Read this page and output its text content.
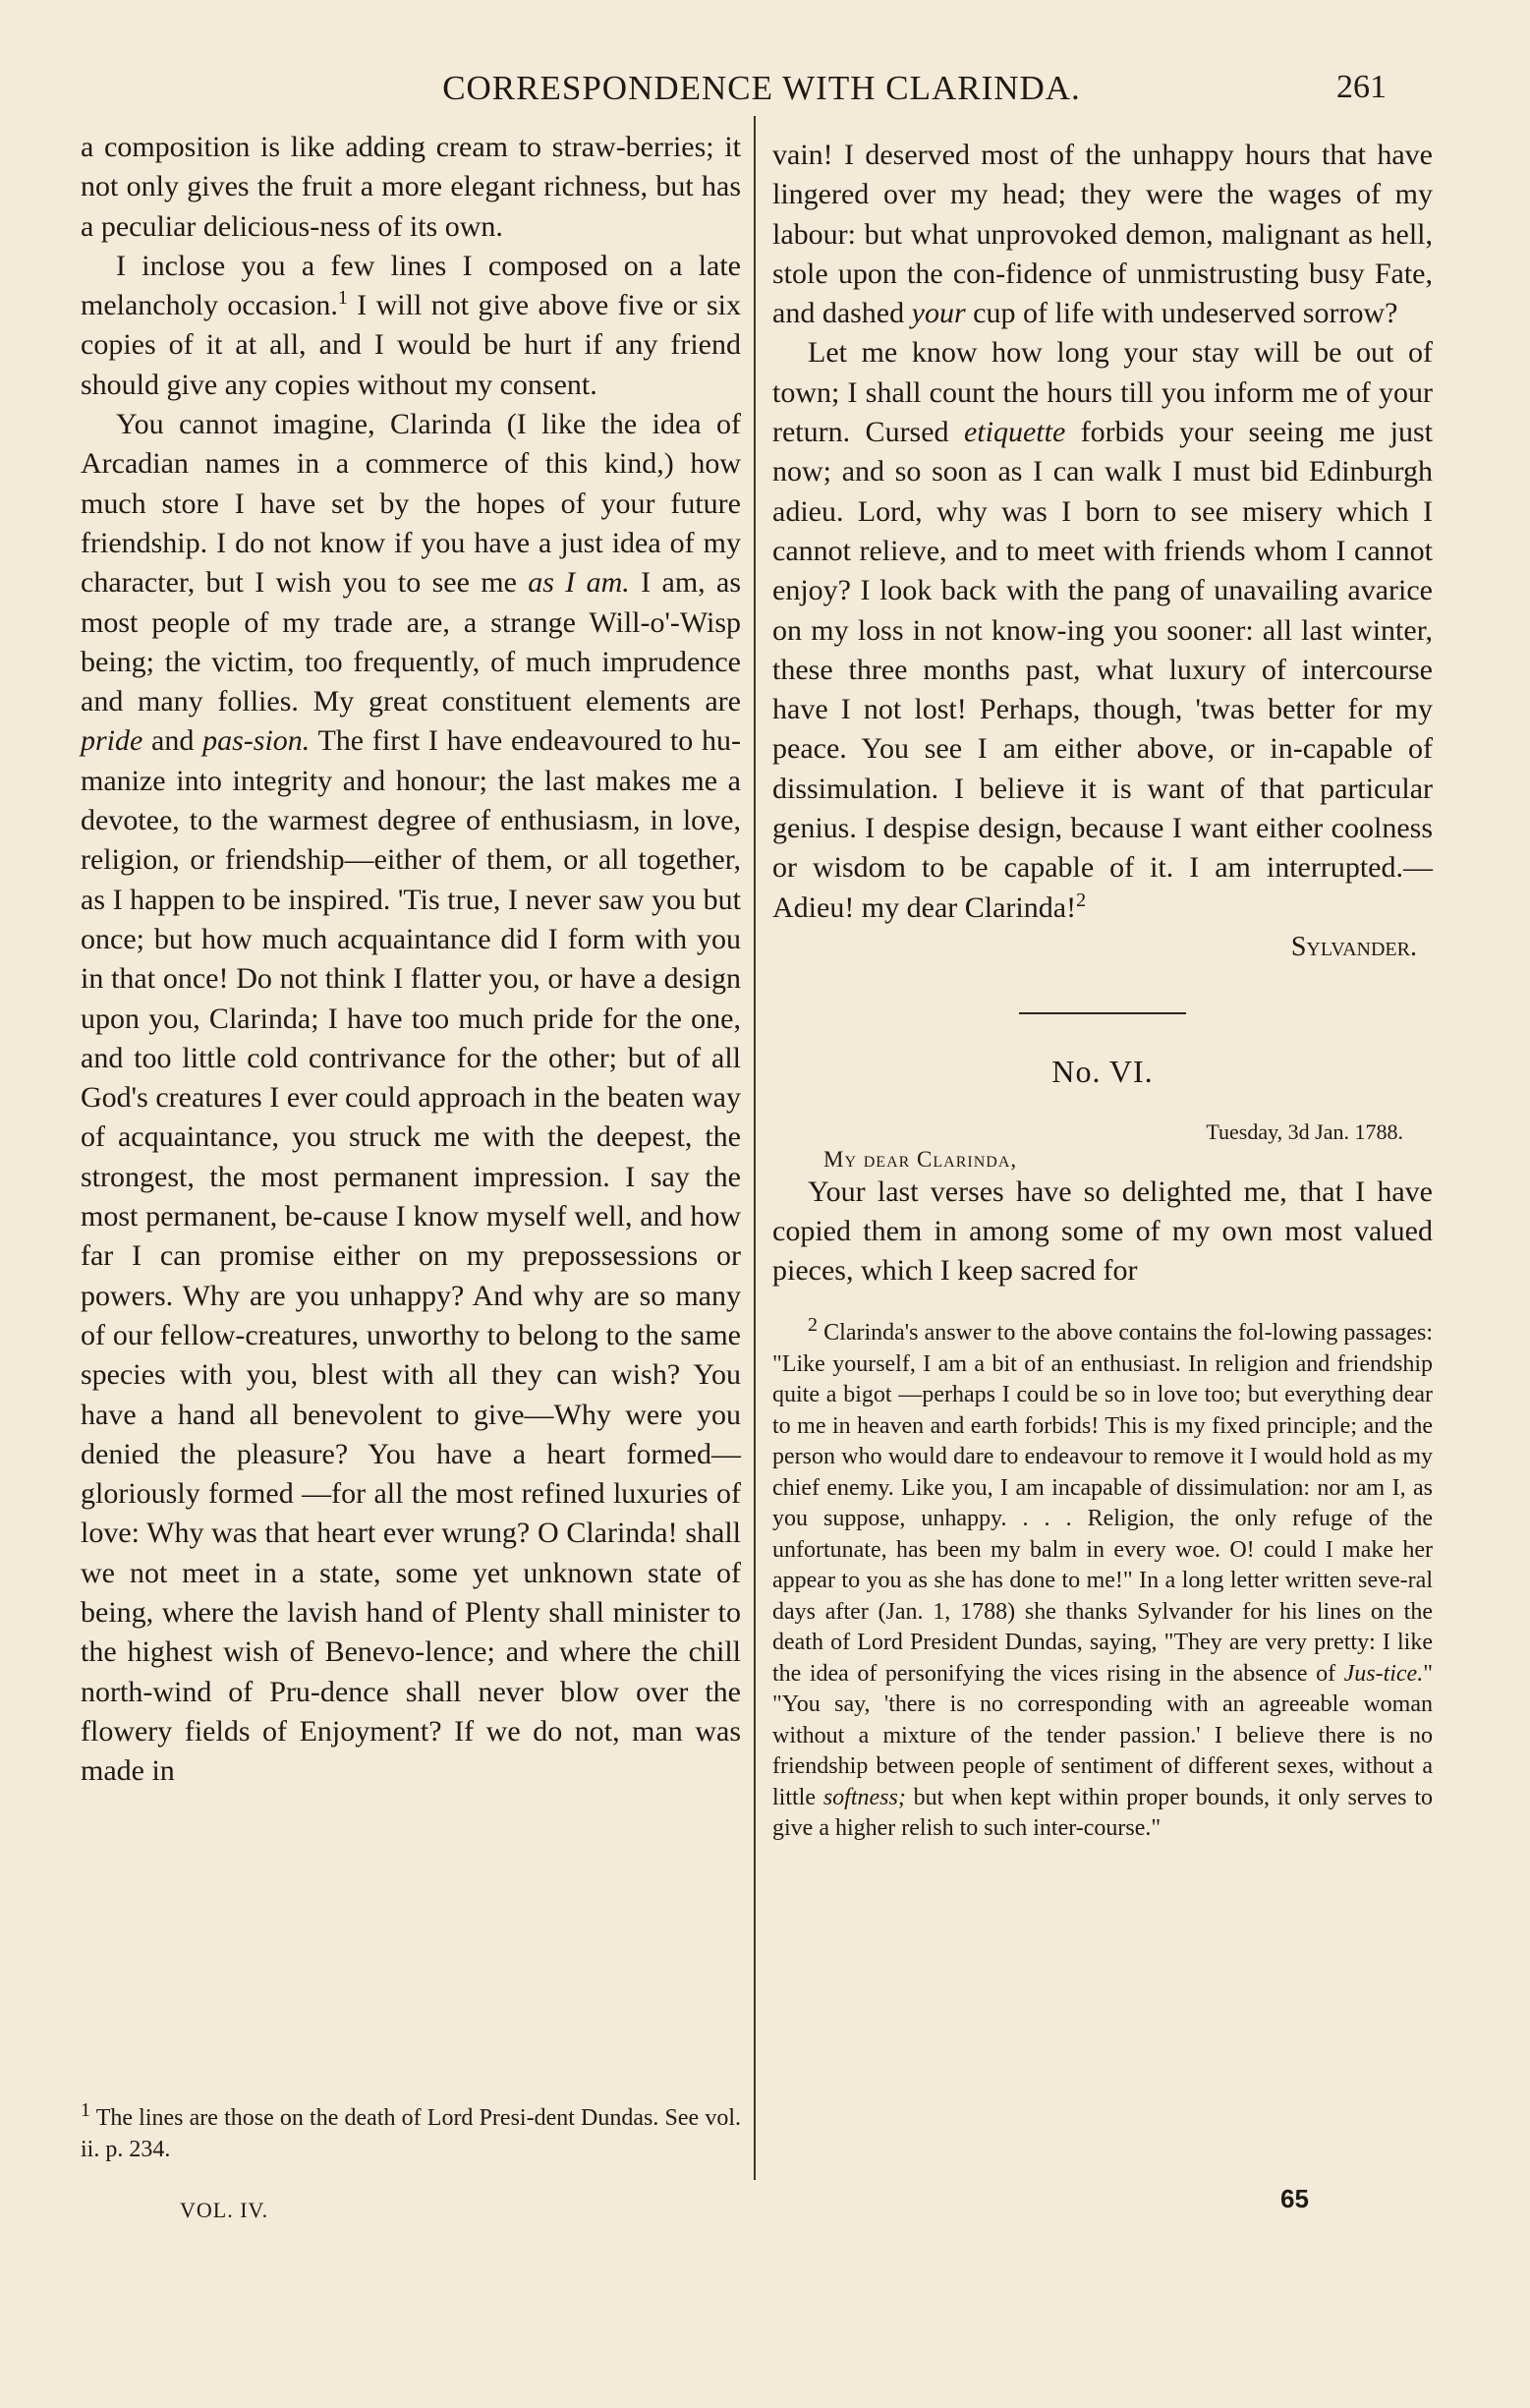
CORRESPONDENCE WITH CLARINDA.	261

a composition is like adding cream to straw-berries; it not only gives the fruit a more elegant richness, but has a peculiar delicious-ness of its own.

I inclose you a few lines I composed on a late melancholy occasion.$^1$ I will not give above five or six copies of it at all, and I would be hurt if any friend should give any copies without my consent.

You cannot imagine, Clarinda (I like the idea of Arcadian names in a commerce of this kind,) how much store I have set by the hopes of your future friendship. I do not know if you have a just idea of my character, but I wish you to see me as I am. I am, as most people of my trade are, a strange Will-o'-Wisp being; the victim, too frequently, of much imprudence and many follies. My great constituent elements are pride and pas-sion. The first I have endeavoured to hu-manize into integrity and honour; the last makes me a devotee, to the warmest degree of enthusiasm, in love, religion, or friendship—either of them, or all together, as I happen to be inspired. 'Tis true, I never saw you but once; but how much acquaintance did I form with you in that once! Do not think I flatter you, or have a design upon you, Clarinda; I have too much pride for the one, and too little cold contrivance for the other; but of all God's creatures I ever could approach in the beaten way of acquaintance, you struck me with the deepest, the strongest, the most permanent impression. I say the most permanent, be-cause I know myself well, and how far I can promise either on my prepossessions or powers. Why are you unhappy? And why are so many of our fellow-creatures, unworthy to belong to the same species with you, blest with all they can wish? You have a hand all benevolent to give—Why were you denied the pleasure? You have a heart formed—gloriously formed —for all the most refined luxuries of love: Why was that heart ever wrung? O Clarinda! shall we not meet in a state, some yet unknown state of being, where the lavish hand of Plenty shall minister to the highest wish of Benevo-lence; and where the chill north-wind of Pru-dence shall never blow over the flowery fields of Enjoyment? If we do not, man was made in

$^1$ The lines are those on the death of Lord Presi-dent Dundas. See vol. ii. p. 234.
VOL. IV.

vain! I deserved most of the unhappy hours that have lingered over my head; they were the wages of my labour: but what unprovoked demon, malignant as hell, stole upon the con-fidence of unmistrusting busy Fate, and dashed your cup of life with undeserved sorrow?

Let me know how long your stay will be out of town; I shall count the hours till you inform me of your return. Cursed etiquette forbids your seeing me just now; and so soon as I can walk I must bid Edinburgh adieu. Lord, why was I born to see misery which I cannot relieve, and to meet with friends whom I cannot enjoy? I look back with the pang of unavailing avarice on my loss in not know-ing you sooner: all last winter, these three months past, what luxury of intercourse have I not lost! Perhaps, though, 'twas better for my peace. You see I am either above, or in-capable of dissimulation. I believe it is want of that particular genius. I despise design, because I want either coolness or wisdom to be capable of it. I am interrupted.—Adieu! my dear Clarinda!$^2$

Sylvander.
No. VI.
Tuesday, 3d Jan. 1788.
My dear Clarinda,

Your last verses have so delighted me, that I have copied them in among some of my own most valued pieces, which I keep sacred for

$^2$ Clarinda's answer to the above contains the fol-lowing passages: "Like yourself, I am a bit of an enthusiast. In religion and friendship quite a bigot —perhaps I could be so in love too; but everything dear to me in heaven and earth forbids! This is my fixed principle; and the person who would dare to endeavour to remove it I would hold as my chief enemy. Like you, I am incapable of dissimulation: nor am I, as you suppose, unhappy. . . . Religion, the only refuge of the unfortunate, has been my balm in every woe. O! could I make her appear to you as she has done to me!" In a long letter written seve-ral days after (Jan. 1, 1788) she thanks Sylvander for his lines on the death of Lord President Dundas, saying, "They are very pretty: I like the idea of personifying the vices rising in the absence of Jus-tice." "You say, 'there is no corresponding with an agreeable woman without a mixture of the tender passion.' I believe there is no friendship between people of sentiment of different sexes, without a little softness; but when kept within proper bounds, it only serves to give a higher relish to such inter-course."
65
